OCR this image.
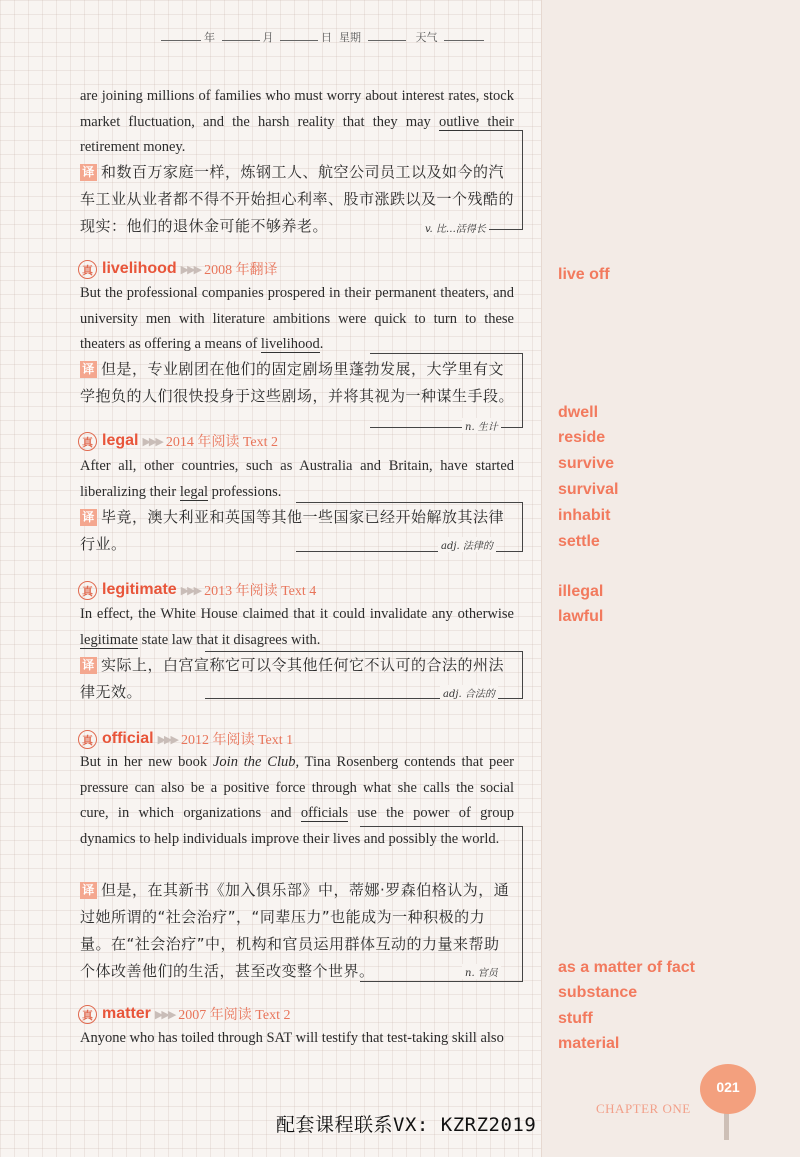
年	月	日 星期	天气
are joining millions of families who must worry about interest rates, stock market fluctuation, and the harsh reality that they may outlive their retirement money.
译 和数百万家庭一样，炼钢工人、航空公司员工以及如今的汽车工业从业者都不得不开始担心利率、股市涨跌以及一个残酷的现实：他们的退休金可能不够养老。	v. 比…活得长
真 livelihood ▶▶▶ 2008 年翻译
But the professional companies prospered in their permanent theaters, and university men with literature ambitions were quick to turn to these theaters as offering a means of livelihood.
译 但是，专业剧团在他们的固定剧场里蓬勃发展，大学里有文学抱负的人们很快投身于这些剧场，并将其视为一种谋生手段。
n. 生计
真 legal ▶▶▶ 2014 年阅读 Text 2
After all, other countries, such as Australia and Britain, have started liberalizing their legal professions.
译 毕竟，澳大利亚和英国等其他一些国家已经开始解放其法律行业。	adj. 法律的
真 legitimate ▶▶▶ 2013 年阅读 Text 4
In effect, the White House claimed that it could invalidate any otherwise legitimate state law that it disagrees with.
译 实际上，白宫宣称它可以令其他任何它不认可的合法的州法律无效。	adj. 合法的
真 official ▶▶▶ 2012 年阅读 Text 1
But in her new book Join the Club, Tina Rosenberg contends that peer pressure can also be a positive force through what she calls the social cure, in which organizations and officials use the power of group dynamics to help individuals improve their lives and possibly the world.
译 但是，在其新书《加入俱乐部》中，蒂娜·罗森伯格认为，通过她所谓的“社会治疗”，“同辈压力”也能成为一种积极的力量。在“社会治疗”中，机构和官员运用群体互动的力量来帮助个体改善他们的生活，甚至改变整个世界。	n. 官员
真 matter ▶▶▶ 2007 年阅读 Text 2
Anyone who has toiled through SAT will testify that test-taking skill also
live off
dwell
reside
survive
survival
inhabit
settle
illegal
lawful
as a matter of fact
substance
stuff
material
021
CHAPTER ONE
配套课程联系VX: KZRZ2019
